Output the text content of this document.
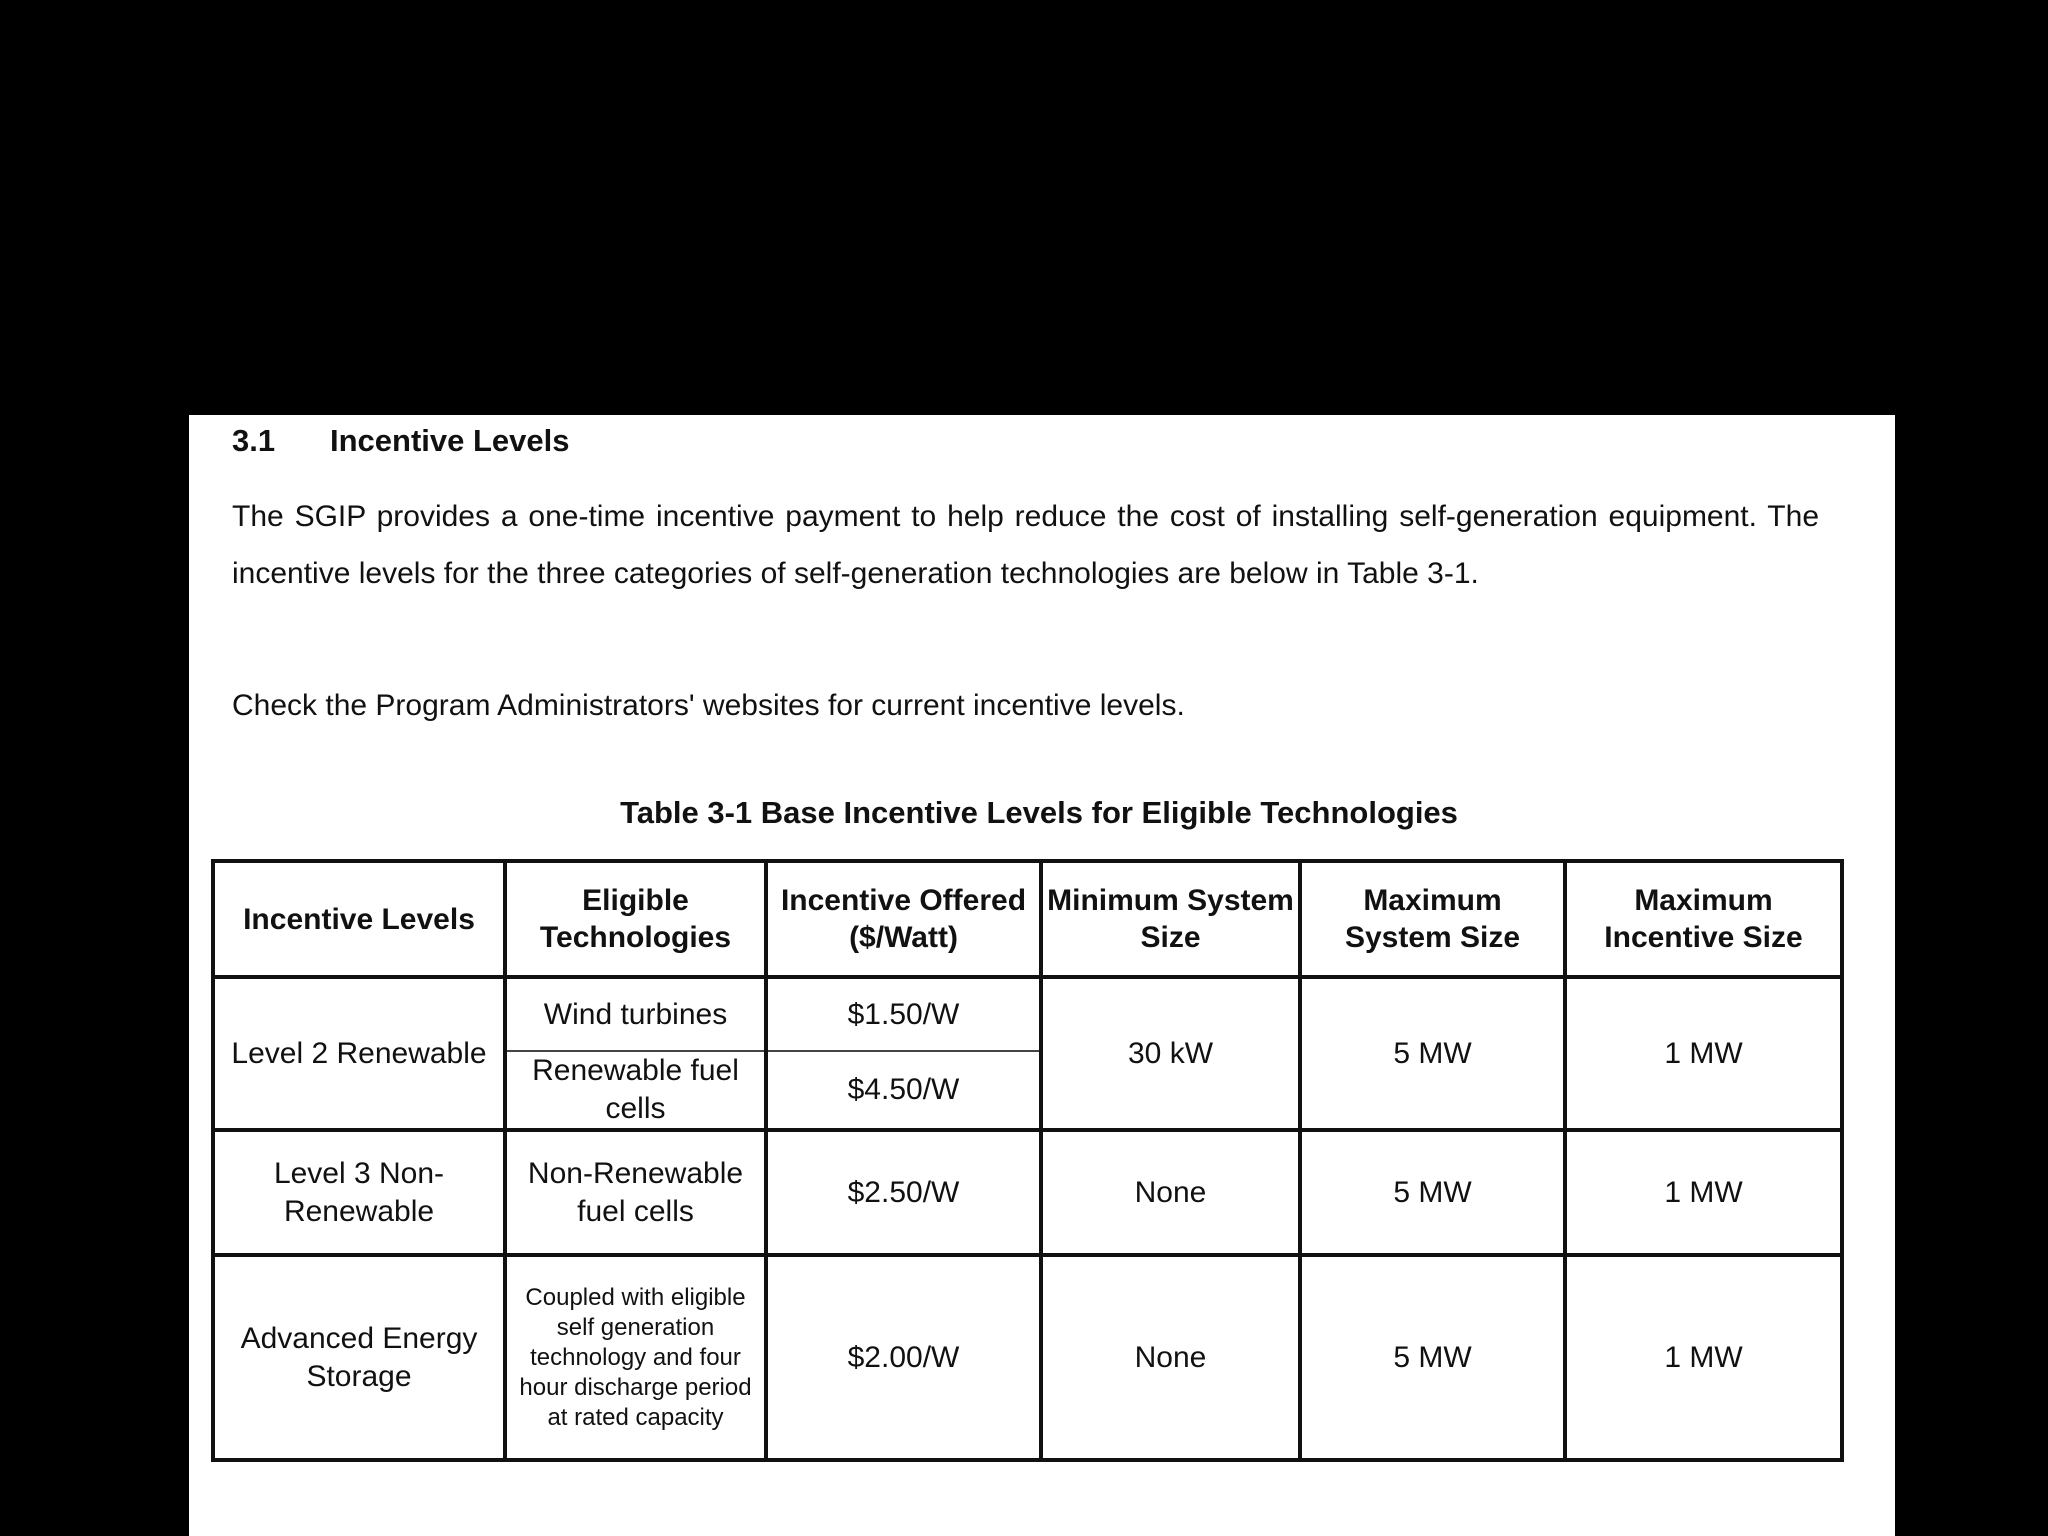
3.1 Incentive Levels

The SGIP provides a one-time incentive payment to help reduce the cost of installing self-generation equipment. The incentive levels for the three categories of self-generation technologies are below in Table 3-1.

Check the Program Administrators' websites for current incentive levels.

Table 3-1 Base Incentive Levels for Eligible Technologies
Incentive Levels	Eligible Technologies	Incentive Offered ($/Watt)	Minimum System Size	Maximum System Size	Maximum Incentive Size
Level 2 Renewable	Wind turbines	$1.50/W	30 kW	5 MW	1 MW
	Renewable fuel cells	$4.50/W			
Level 3 Non-Renewable	Non-Renewable fuel cells	$2.50/W	None	5 MW	1 MW
Advanced Energy Storage	Coupled with eligible self generation technology and four hour discharge period at rated capacity	$2.00/W	None	5 MW	1 MW
